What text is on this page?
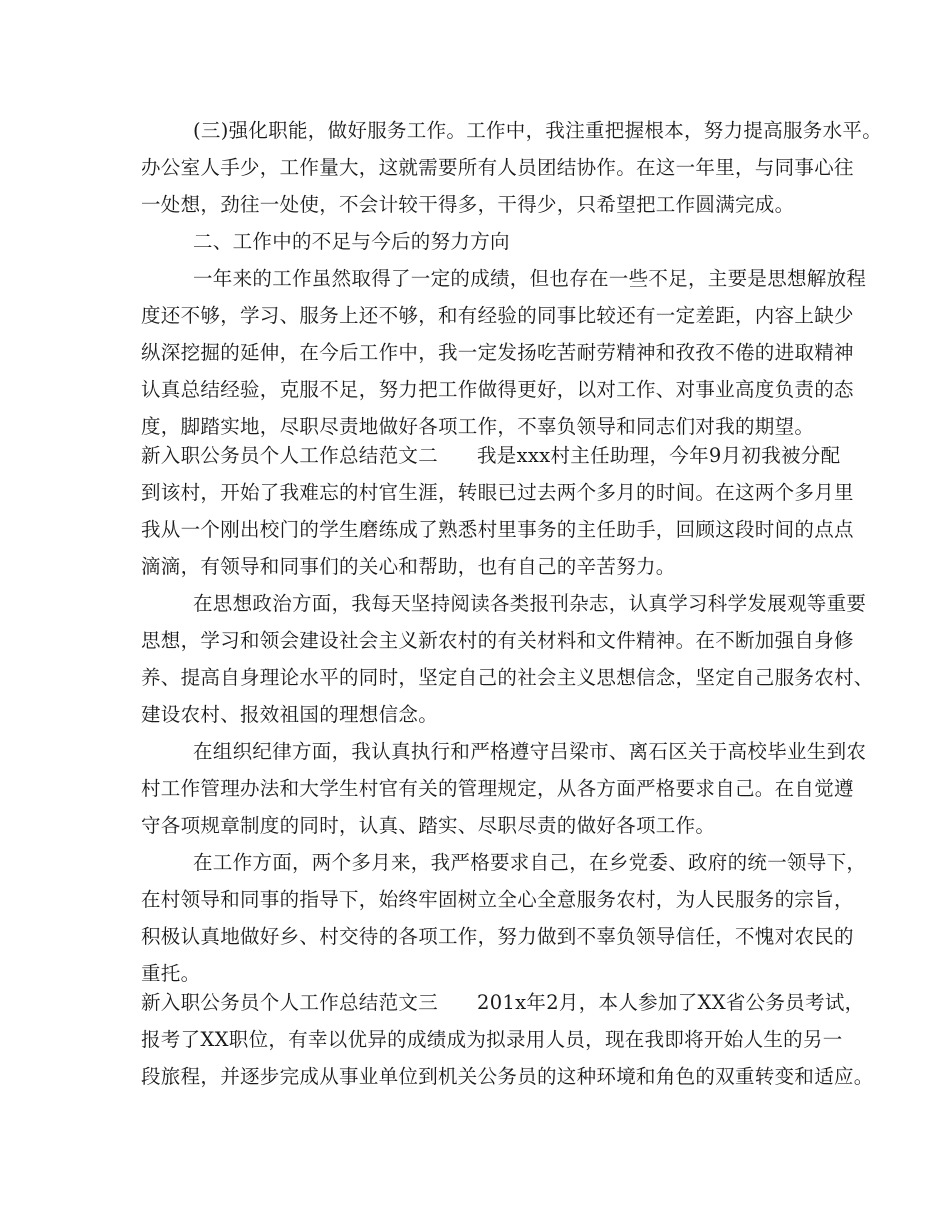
(三)强化职能，做好服务工作。工作中，我注重把握根本，努力提高服务水平。
办公室人手少，工作量大，这就需要所有人员团结协作。在这一年里，与同事心往
一处想，劲往一处使，不会计较干得多，干得少，只希望把工作圆满完成。
二、工作中的不足与今后的努力方向
一年来的工作虽然取得了一定的成绩，但也存在一些不足，主要是思想解放程
度还不够，学习、服务上还不够，和有经验的同事比较还有一定差距，内容上缺少
纵深挖掘的延伸，在今后工作中，我一定发扬吃苦耐劳精神和孜孜不倦的进取精神
认真总结经验，克服不足，努力把工作做得更好，以对工作、对事业高度负责的态
度，脚踏实地，尽职尽责地做好各项工作，不辜负领导和同志们对我的期望。
新入职公务员个人工作总结范文二      我是xxx村主任助理，今年9月初我被分配
到该村，开始了我难忘的村官生涯，转眼已过去两个多月的时间。在这两个多月里
我从一个刚出校门的学生磨练成了熟悉村里事务的主任助手，回顾这段时间的点点
滴滴，有领导和同事们的关心和帮助，也有自己的辛苦努力。
在思想政治方面，我每天坚持阅读各类报刊杂志，认真学习科学发展观等重要
思想，学习和领会建设社会主义新农村的有关材料和文件精神。在不断加强自身修
养、提高自身理论水平的同时，坚定自己的社会主义思想信念，坚定自己服务农村、
建设农村、报效祖国的理想信念。
在组织纪律方面，我认真执行和严格遵守吕梁市、离石区关于高校毕业生到农
村工作管理办法和大学生村官有关的管理规定，从各方面严格要求自己。在自觉遵
守各项规章制度的同时，认真、踏实、尽职尽责的做好各项工作。
在工作方面，两个多月来，我严格要求自己，在乡党委、政府的统一领导下，
在村领导和同事的指导下，始终牢固树立全心全意服务农村，为人民服务的宗旨，
积极认真地做好乡、村交待的各项工作，努力做到不辜负领导信任，不愧对农民的
重托。
新入职公务员个人工作总结范文三      201x年2月，本人参加了XX省公务员考试，
报考了XX职位，有幸以优异的成绩成为拟录用人员，现在我即将开始人生的另一
段旅程，并逐步完成从事业单位到机关公务员的这种环境和角色的双重转变和适应。
